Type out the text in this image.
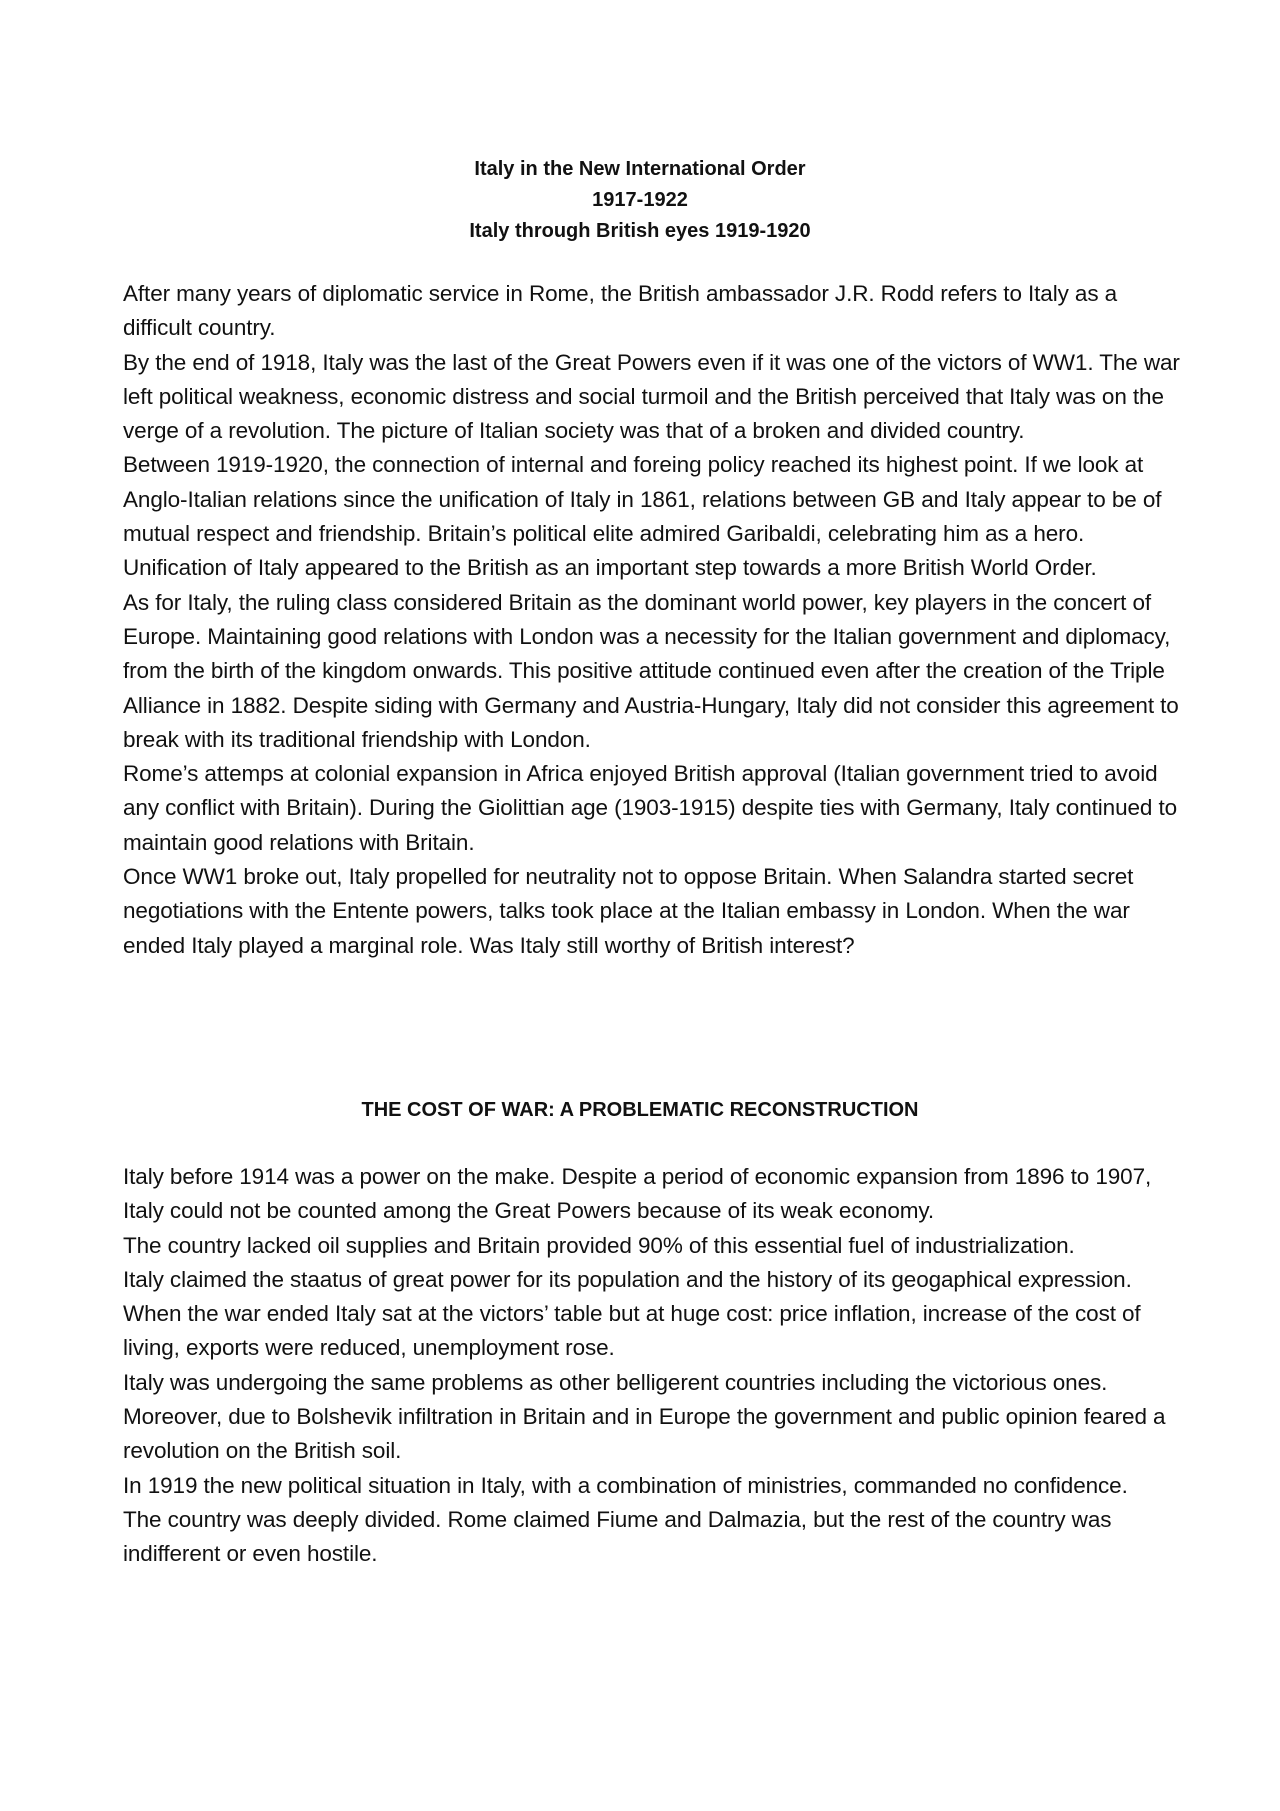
Italy in the New International Order
1917-1922
Italy through British eyes 1919-1920

After many years of diplomatic service in Rome, the British ambassador J.R. Rodd refers to Italy as a difficult country.

By the end of 1918, Italy was the last of the Great Powers even if it was one of the victors of WW1. The war left political weakness, economic distress and social turmoil and the British perceived that Italy was on the verge of a revolution. The picture of Italian society was that of a broken and divided country.

Between 1919-1920, the connection of internal and foreing policy reached its highest point. If we look at Anglo-Italian relations since the unification of Italy in 1861, relations between GB and Italy appear to be of mutual respect and friendship. Britain’s political elite admired Garibaldi, celebrating him as a hero. Unification of Italy appeared to the British as an important step towards a more British World Order.

As for Italy, the ruling class considered Britain as the dominant world power, key players in the concert of Europe. Maintaining good relations with London was a necessity for the Italian government and diplomacy, from the birth of the kingdom onwards. This positive attitude continued even after the creation of the Triple Alliance in 1882. Despite siding with Germany and Austria-Hungary, Italy did not consider this agreement to break with its traditional friendship with London.

Rome’s attemps at colonial expansion in Africa enjoyed British approval (Italian government tried to avoid any conflict with Britain). During the Giolittian age (1903-1915) despite ties with Germany, Italy continued to maintain good relations with Britain.

Once WW1 broke out, Italy propelled for neutrality not to oppose Britain. When Salandra started secret negotiations with the Entente powers, talks took place at the Italian embassy in London. When the war ended Italy played a marginal role. Was Italy still worthy of British interest?

THE COST OF WAR: A PROBLEMATIC RECONSTRUCTION

Italy before 1914 was a power on the make. Despite a period of economic expansion from 1896 to 1907, Italy could not be counted among the Great Powers because of its weak economy.

The country lacked oil supplies and Britain provided 90% of this essential fuel of industrialization.

Italy claimed the staatus of great power for its population and the history of its geogaphical expression.

When the war ended Italy sat at the victors’ table but at huge cost: price inflation, increase of the cost of living, exports were reduced, unemployment rose.

Italy was undergoing the same problems as other belligerent countries including the victorious ones.

Moreover, due to Bolshevik infiltration in Britain and in Europe the government and public opinion feared a revolution on the British soil.

In 1919 the new political situation in Italy, with a combination of ministries, commanded no confidence.

The country was deeply divided. Rome claimed Fiume and Dalmazia, but the rest of the country was indifferent or even hostile.
